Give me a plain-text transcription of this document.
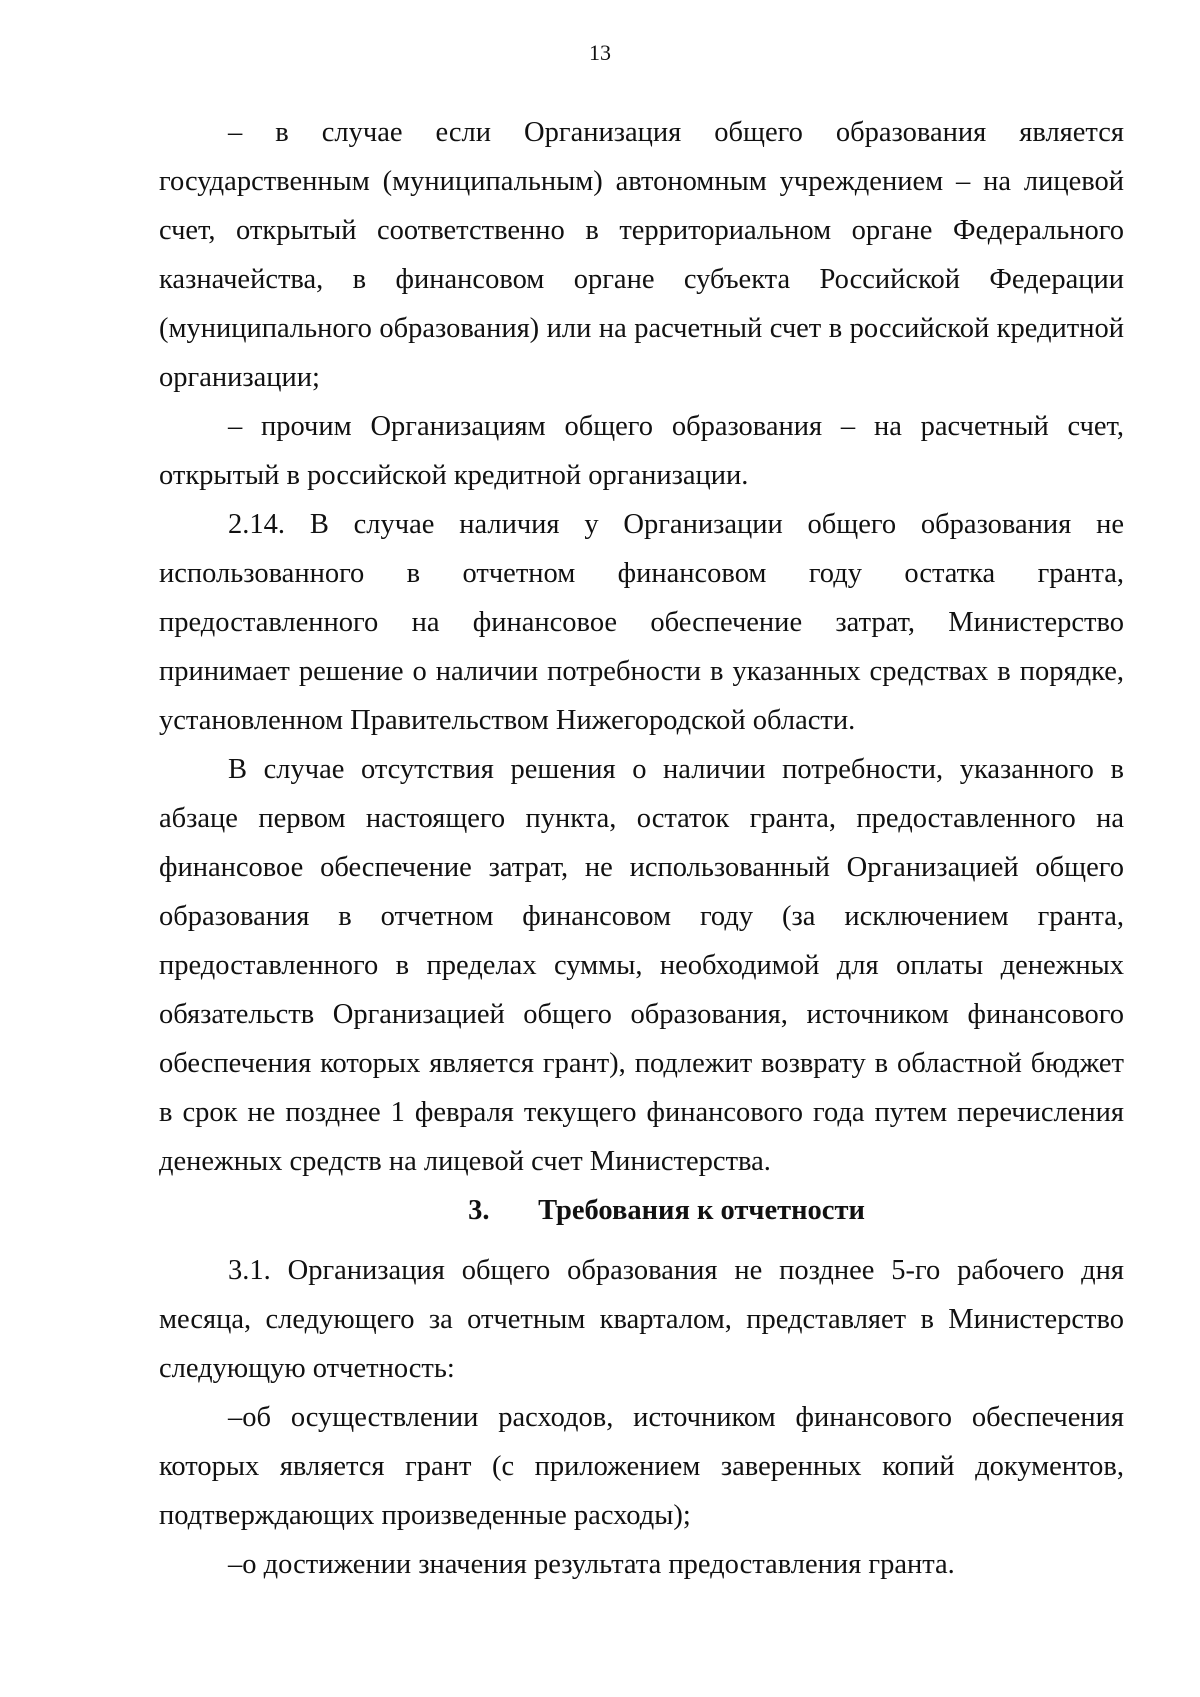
13

– в случае если Организация общего образования является государственным (муниципальным) автономным учреждением – на лицевой счет, открытый соответственно в территориальном органе Федерального казначейства, в финансовом органе субъекта Российской Федерации (муниципального образования) или на расчетный счет в российской кредитной организации;

– прочим Организациям общего образования – на расчетный счет, открытый в российской кредитной организации.

2.14. В случае наличия у Организации общего образования не использованного в отчетном финансовом году остатка гранта, предоставленного на финансовое обеспечение затрат, Министерство принимает решение о наличии потребности в указанных средствах в порядке, установленном Правительством Нижегородской области.

В случае отсутствия решения о наличии потребности, указанного в абзаце первом настоящего пункта, остаток гранта, предоставленного на финансовое обеспечение затрат, не использованный Организацией общего образования в отчетном финансовом году (за исключением гранта, предоставленного в пределах суммы, необходимой для оплаты денежных обязательств Организацией общего образования, источником финансового обеспечения которых является грант), подлежит возврату в областной бюджет в срок не позднее 1 февраля текущего финансового года путем перечисления денежных средств на лицевой счет Министерства.

3. Требования к отчетности

3.1. Организация общего образования не позднее 5-го рабочего дня месяца, следующего за отчетным кварталом, представляет в Министерство следующую отчетность:

–об осуществлении расходов, источником финансового обеспечения которых является грант (с приложением заверенных копий документов, подтверждающих произведенные расходы);

–о достижении значения результата предоставления гранта.
